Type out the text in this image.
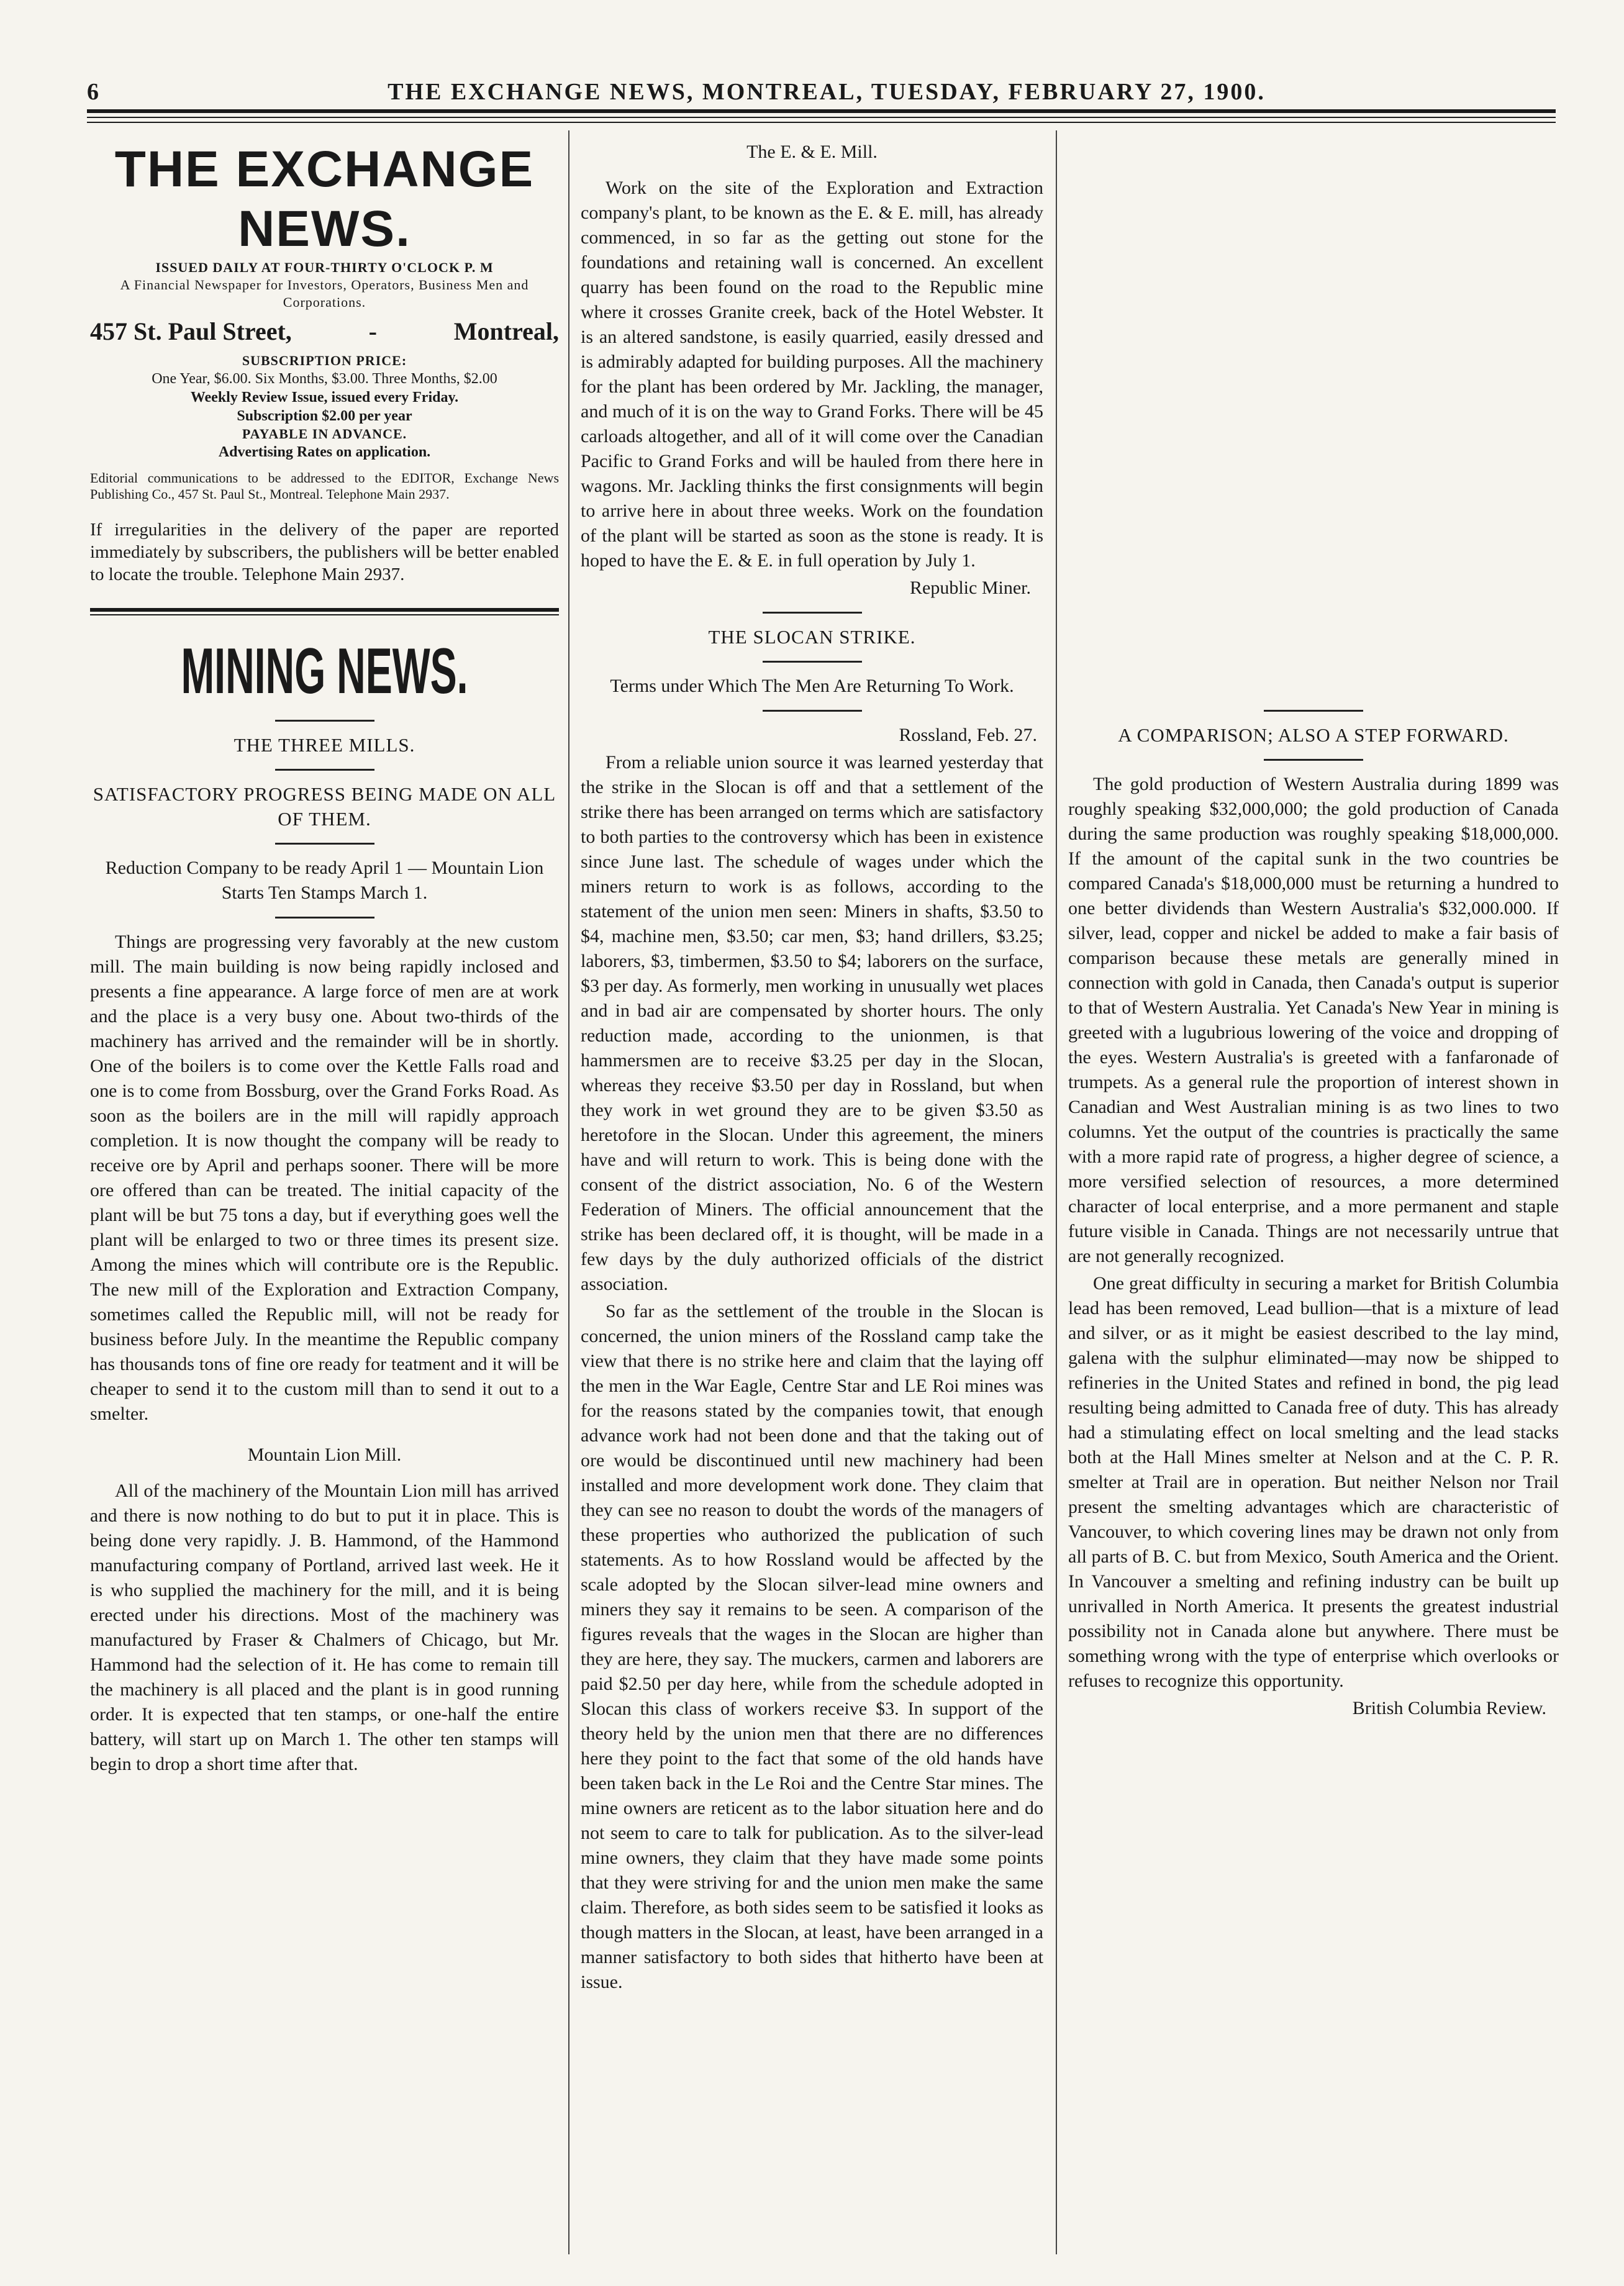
6	THE EXCHANGE NEWS, MONTREAL, TUESDAY, FEBRUARY 27, 1900.
THE EXCHANGE NEWS.
ISSUED DAILY AT FOUR-THIRTY O'CLOCK P. M
A Financial Newspaper for Investors, Operators, Business Men and Corporations.
457 St. Paul Street,	-	Montreal,
SUBSCRIPTION PRICE:
One Year, $6.00. Six Months, $3.00. Three Months, $2.00
Weekly Review Issue, issued every Friday.
Subscription $2.00 per year
PAYABLE IN ADVANCE.
Advertising Rates on application.
Editorial communications to be addressed to the EDITOR, Exchange News Publishing Co., 457 St. Paul St., Montreal. Telephone Main 2937.
If irregularities in the delivery of the paper are reported immediately by subscribers, the publishers will be better enabled to locate the trouble. Telephone Main 2937.
MINING NEWS.
THE THREE MILLS.
SATISFACTORY PROGRESS BEING MADE ON ALL OF THEM.
Reduction Company to be ready April 1 — Mountain Lion Starts Ten Stamps March 1.

Things are progressing very favorably at the new custom mill. The main building is now being rapidly inclosed and presents a fine appearance. A large force of men are at work and the place is a very busy one. About two-thirds of the machinery has arrived and the remainder will be in shortly. One of the boilers is to come over the Kettle Falls road and one is to come from Bossburg, over the Grand Forks Road. As soon as the boilers are in the mill will rapidly approach completion. It is now thought the company will be ready to receive ore by April and perhaps sooner. There will be more ore offered than can be treated. The initial capacity of the plant will be but 75 tons a day, but if everything goes well the plant will be enlarged to two or three times its present size. Among the mines which will contribute ore is the Republic. The new mill of the Exploration and Extraction Company, sometimes called the Republic mill, will not be ready for business before July. In the meantime the Republic company has thousands tons of fine ore ready for teatment and it will be cheaper to send it to the custom mill than to send it out to a smelter.

Mountain Lion Mill.

All of the machinery of the Mountain Lion mill has arrived and there is now nothing to do but to put it in place. This is being done very rapidly. J. B. Hammond, of the Hammond manufacturing company of Portland, arrived last week. He it is who supplied the machinery for the mill, and it is being erected under his directions. Most of the machinery was manufactured by Fraser & Chalmers of Chicago, but Mr. Hammond had the selection of it. He has come to remain till the machinery is all placed and the plant is in good running order. It is expected that ten stamps, or one-half the entire battery, will start up on March 1. The other ten stamps will begin to drop a short time after that.

The E. & E. Mill.

Work on the site of the Exploration and Extraction company's plant, to be known as the E. & E. mill, has already commenced, in so far as the getting out stone for the foundations and retaining wall is concerned. An excellent quarry has been found on the road to the Republic mine where it crosses Granite creek, back of the Hotel Webster. It is an altered sandstone, is easily quarried, easily dressed and is admirably adapted for building purposes. All the machinery for the plant has been ordered by Mr. Jackling, the manager, and much of it is on the way to Grand Forks. There will be 45 carloads altogether, and all of it will come over the Canadian Pacific to Grand Forks and will be hauled from there here in wagons. Mr. Jackling thinks the first consignments will begin to arrive here in about three weeks. Work on the foundation of the plant will be started as soon as the stone is ready. It is hoped to have the E. & E. in full operation by July 1.

Republic Miner.
THE SLOCAN STRIKE.
Terms under Which The Men Are Returning To Work.
Rossland, Feb. 27.

From a reliable union source it was learned yesterday that the strike in the Slocan is off and that a settlement of the strike there has been arranged on terms which are satisfactory to both parties to the controversy which has been in existence since June last. The schedule of wages under which the miners return to work is as follows, according to the statement of the union men seen: Miners in shafts, $3.50 to $4, machine men, $3.50; car men, $3; hand drillers, $3.25; laborers, $3, timbermen, $3.50 to $4; laborers on the surface, $3 per day. As formerly, men working in unusually wet places and in bad air are compensated by shorter hours. The only reduction made, according to the unionmen, is that hammersmen are to receive $3.25 per day in the Slocan, whereas they receive $3.50 per day in Rossland, but when they work in wet ground they are to be given $3.50 as heretofore in the Slocan. Under this agreement, the miners have and will return to work. This is being done with the consent of the district association, No. 6 of the Western Federation of Miners. The official announcement that the strike has been declared off, it is thought, will be made in a few days by the duly authorized officials of the district association.

So far as the settlement of the trouble in the Slocan is concerned, the union miners of the Rossland camp take the view that there is no strike here and claim that the laying off the men in the War Eagle, Centre Star and LE Roi mines was for the reasons stated by the companies towit, that enough advance work had not been done and that the taking out of ore would be discontinued until new machinery had been installed and more development work done. They claim that they can see no reason to doubt the words of the managers of these properties who authorized the publication of such statements. As to how Rossland would be affected by the scale adopted by the Slocan silver-lead mine owners and miners they say it remains to be seen. A comparison of the figures reveals that the wages in the Slocan are higher than they are here, they say. The muckers, carmen and laborers are paid $2.50 per day here, while from the schedule adopted in Slocan this class of workers receive $3. In support of the theory held by the union men that there are no differences here they point to the fact that some of the old hands have been taken back in the Le Roi and the Centre Star mines. The mine owners are reticent as to the labor situation here and do not seem to care to talk for publication. As to the silver-lead mine owners, they claim that they have made some points that they were striving for and the union men make the same claim. Therefore, as both sides seem to be satisfied it looks as though matters in the Slocan, at least, have been arranged in a manner satisfactory to both sides that hitherto have been at issue.

A COMPARISON; ALSO A STEP FORWARD.

The gold production of Western Australia during 1899 was roughly speaking $32,000,000; the gold production of Canada during the same production was roughly speaking $18,000,000. If the amount of the capital sunk in the two countries be compared Canada's $18,000,000 must be returning a hundred to one better dividends than Western Australia's $32,000.000. If silver, lead, copper and nickel be added to make a fair basis of comparison because these metals are generally mined in connection with gold in Canada, then Canada's output is superior to that of Western Australia. Yet Canada's New Year in mining is greeted with a lugubrious lowering of the voice and dropping of the eyes. Western Australia's is greeted with a fanfaronade of trumpets. As a general rule the proportion of interest shown in Canadian and West Australian mining is as two lines to two columns. Yet the output of the countries is practically the same with a more rapid rate of progress, a higher degree of science, a more versified selection of resources, a more determined character of local enterprise, and a more permanent and staple future visible in Canada. Things are not necessarily untrue that are not generally recognized.

One great difficulty in securing a market for British Columbia lead has been removed, Lead bullion—that is a mixture of lead and silver, or as it might be easiest described to the lay mind, galena with the sulphur eliminated—may now be shipped to refineries in the United States and refined in bond, the pig lead resulting being admitted to Canada free of duty. This has already had a stimulating effect on local smelting and the lead stacks both at the Hall Mines smelter at Nelson and at the C. P. R. smelter at Trail are in operation. But neither Nelson nor Trail present the smelting advantages which are characteristic of Vancouver, to which covering lines may be drawn not only from all parts of B. C. but from Mexico, South America and the Orient. In Vancouver a smelting and refining industry can be built up unrivalled in North America. It presents the greatest industrial possibility not in Canada alone but anywhere. There must be something wrong with the type of enterprise which overlooks or refuses to recognize this opportunity.

British Columbia Review.
